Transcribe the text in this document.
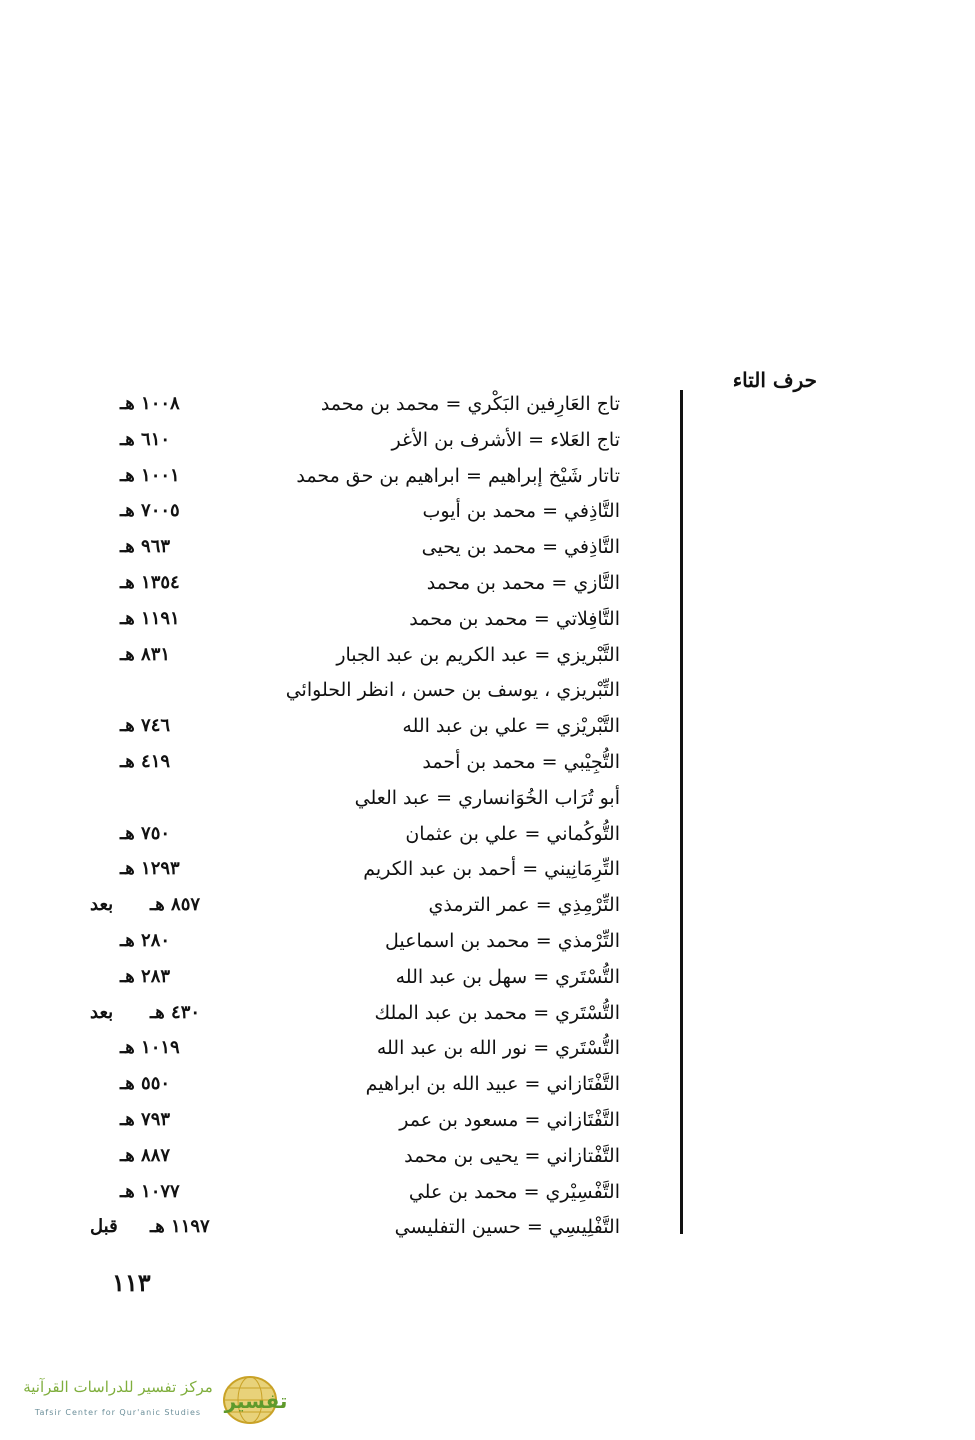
حرف التاء
تاج العَارِفين البَكْري = محمد بن محمد
١٠٠٨ هـ
تاج العَلاء = الأشرف بن الأغر
٦١٠ هـ
تاتار شَيْخ إبراهيم = ابراهيم بن حق محمد
١٠٠١ هـ
التَّاذِفي = محمد بن أيوب
٧٠٠٥ هـ
التَّاذِفي = محمد بن يحيى
٩٦٣ هـ
التَّازي = محمد بن محمد
١٣٥٤ هـ
التَّافِلاتي = محمد بن محمد
١١٩١ هـ
التَّبْريزي = عبد الكريم بن عبد الجبار
٨٣١ هـ
التِّبْريزي ، يوسف بن حسن ، انظر الحلوائي
التَّبْريْزي = علي بن عبد الله
٧٤٦ هـ
التُّجِيْبي = محمد بن أحمد
٤١٩ هـ
أبو تُرَاب الخُوَانساري = عبد العلي
التُّوكُماني = علي بن عثمان
٧٥٠ هـ
التِّرِمَانِيني = أحمد بن عبد الكريم
١٢٩٣ هـ
التِّرْمِذِي = عمر الترمذي
٨٥٧ هـ
بعد
التِّرْمذي = محمد بن اسماعيل
٢٨٠ هـ
التُّسْتَري = سهل بن عبد الله
٢٨٣ هـ
التُّسْتَري = محمد بن عبد الملك
٤٣٠ هـ
بعد
التُّسْتَري = نور الله بن عبد الله
١٠١٩ هـ
التَّفْتَازاني = عبيد الله بن ابراهيم
٥٥٠ هـ
التَّفْتَازاني = مسعود بن عمر
٧٩٣ هـ
التَّفْتازاني = يحيى بن محمد
٨٨٧ هـ
التَّفْسِيْري = محمد بن علي
١٠٧٧ هـ
التَّفْلِيسِي = حسين التفليسي
١١٩٧ هـ
قبل
١١٣
تفسير
مركز تفسير للدراسات القرآنية
Tafsir Center for Qur'anic Studies
